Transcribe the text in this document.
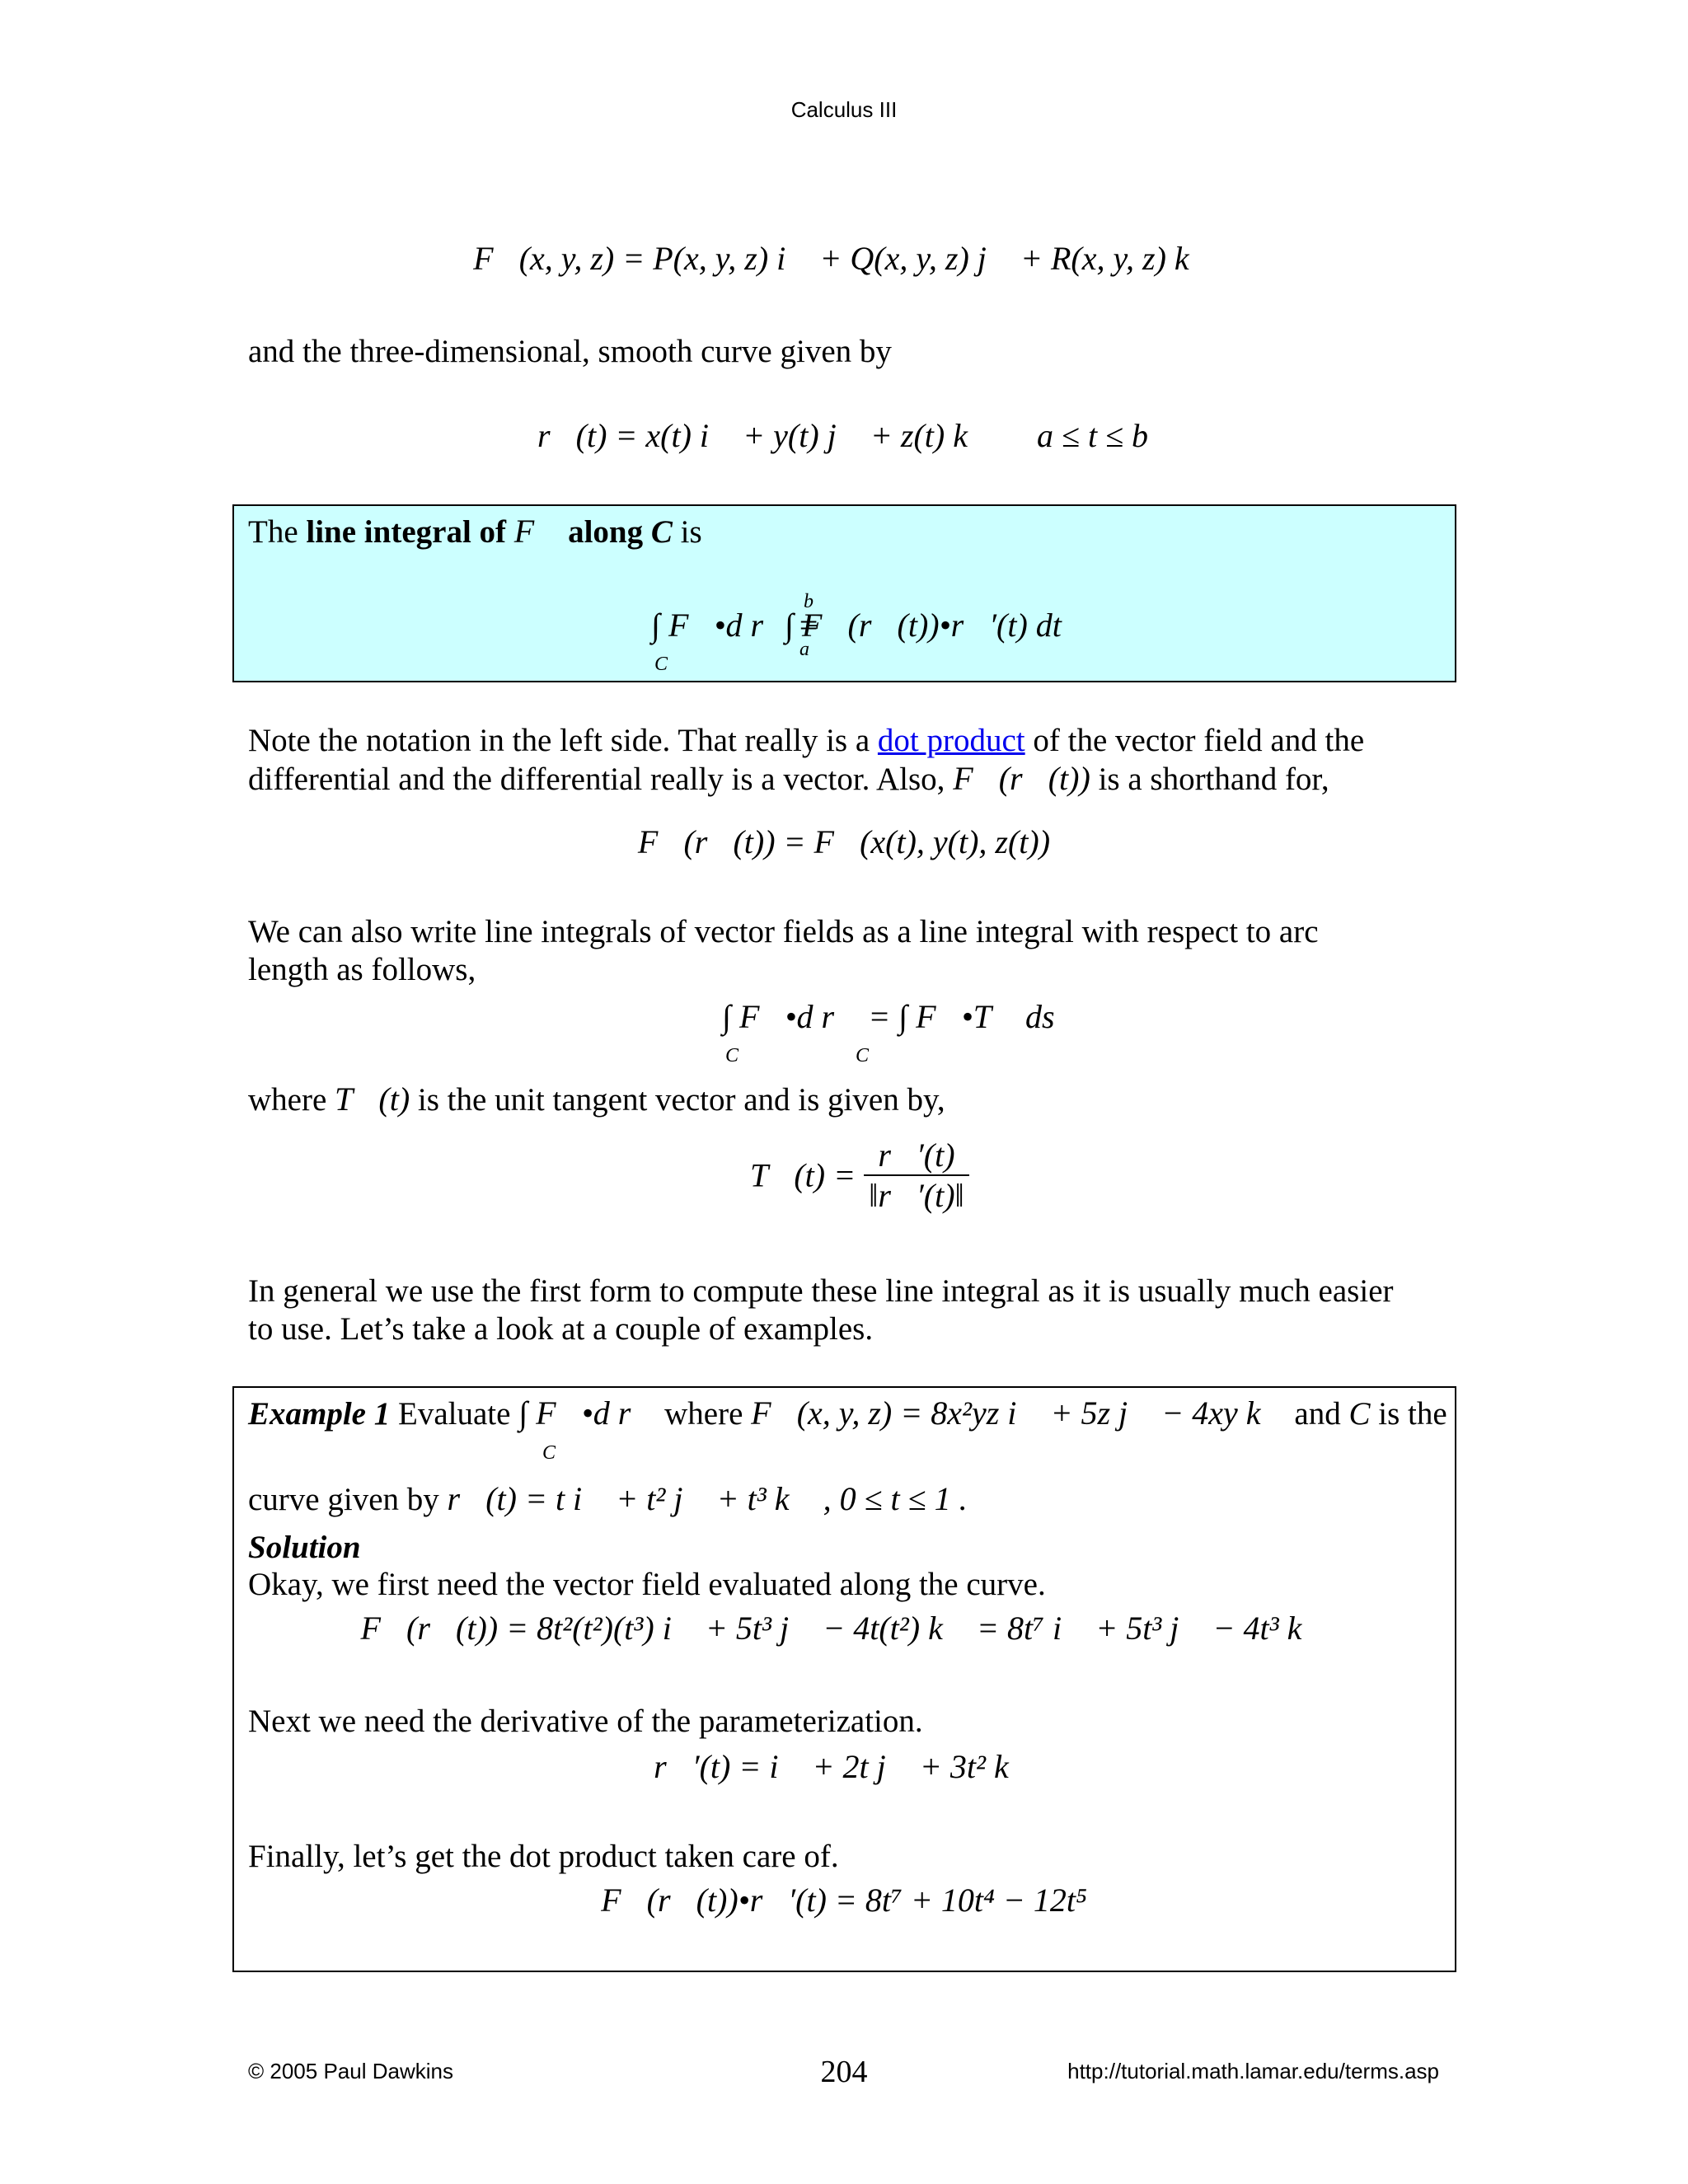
Calculus III
F⃗(x, y, z) = P(x, y, z) i⃗ + Q(x, y, z) j⃗ + R(x, y, z) k⃗
and the three-dimensional, smooth curve given by
r⃗(t) = x(t) i⃗ + y(t) j⃗ + z(t) k⃗ a ≤ t ≤ b
The line integral of F⃗ along C is
∫ F⃗•d r⃗ =
C
b
a
∫ F⃗(r⃗(t))•r⃗′(t) dt
Note the notation in the left side. That really is a dot product of the vector field and the
differential and the differential really is a vector. Also, F⃗(r⃗(t)) is a shorthand for,
F⃗(r⃗(t)) = F⃗(x(t), y(t), z(t))
We can also write line integrals of vector fields as a line integral with respect to arc
length as follows,
∫ F⃗•d r⃗ = ∫ F⃗•T⃗ ds
C	C
where T⃗(t) is the unit tangent vector and is given by,
T⃗(t) = $\frac{r⃗'(t)}{‖r⃗'(t)‖}$
In general we use the first form to compute these line integral as it is usually much easier
to use. Let’s take a look at a couple of examples.
Example 1 Evaluate ∫ F⃗•d r⃗ where F⃗(x, y, z) = 8x²yz i⃗ + 5z j⃗ − 4xy k⃗ and C is the
C
curve given by r⃗(t) = t i⃗ + t² j⃗ + t³ k⃗ , 0 ≤ t ≤ 1 .
Solution
Okay, we first need the vector field evaluated along the curve.
F⃗(r⃗(t)) = 8t²(t²)(t³) i⃗ + 5t³ j⃗ − 4t(t²) k⃗ = 8t⁷ i⃗ + 5t³ j⃗ − 4t³ k⃗
Next we need the derivative of the parameterization.
r⃗′(t) = i⃗ + 2t j⃗ + 3t² k⃗
Finally, let’s get the dot product taken care of.
F⃗(r⃗(t))•r⃗′(t) = 8t⁷ + 10t⁴ − 12t⁵
© 2005 Paul Dawkins	204	http://tutorial.math.lamar.edu/terms.asp
